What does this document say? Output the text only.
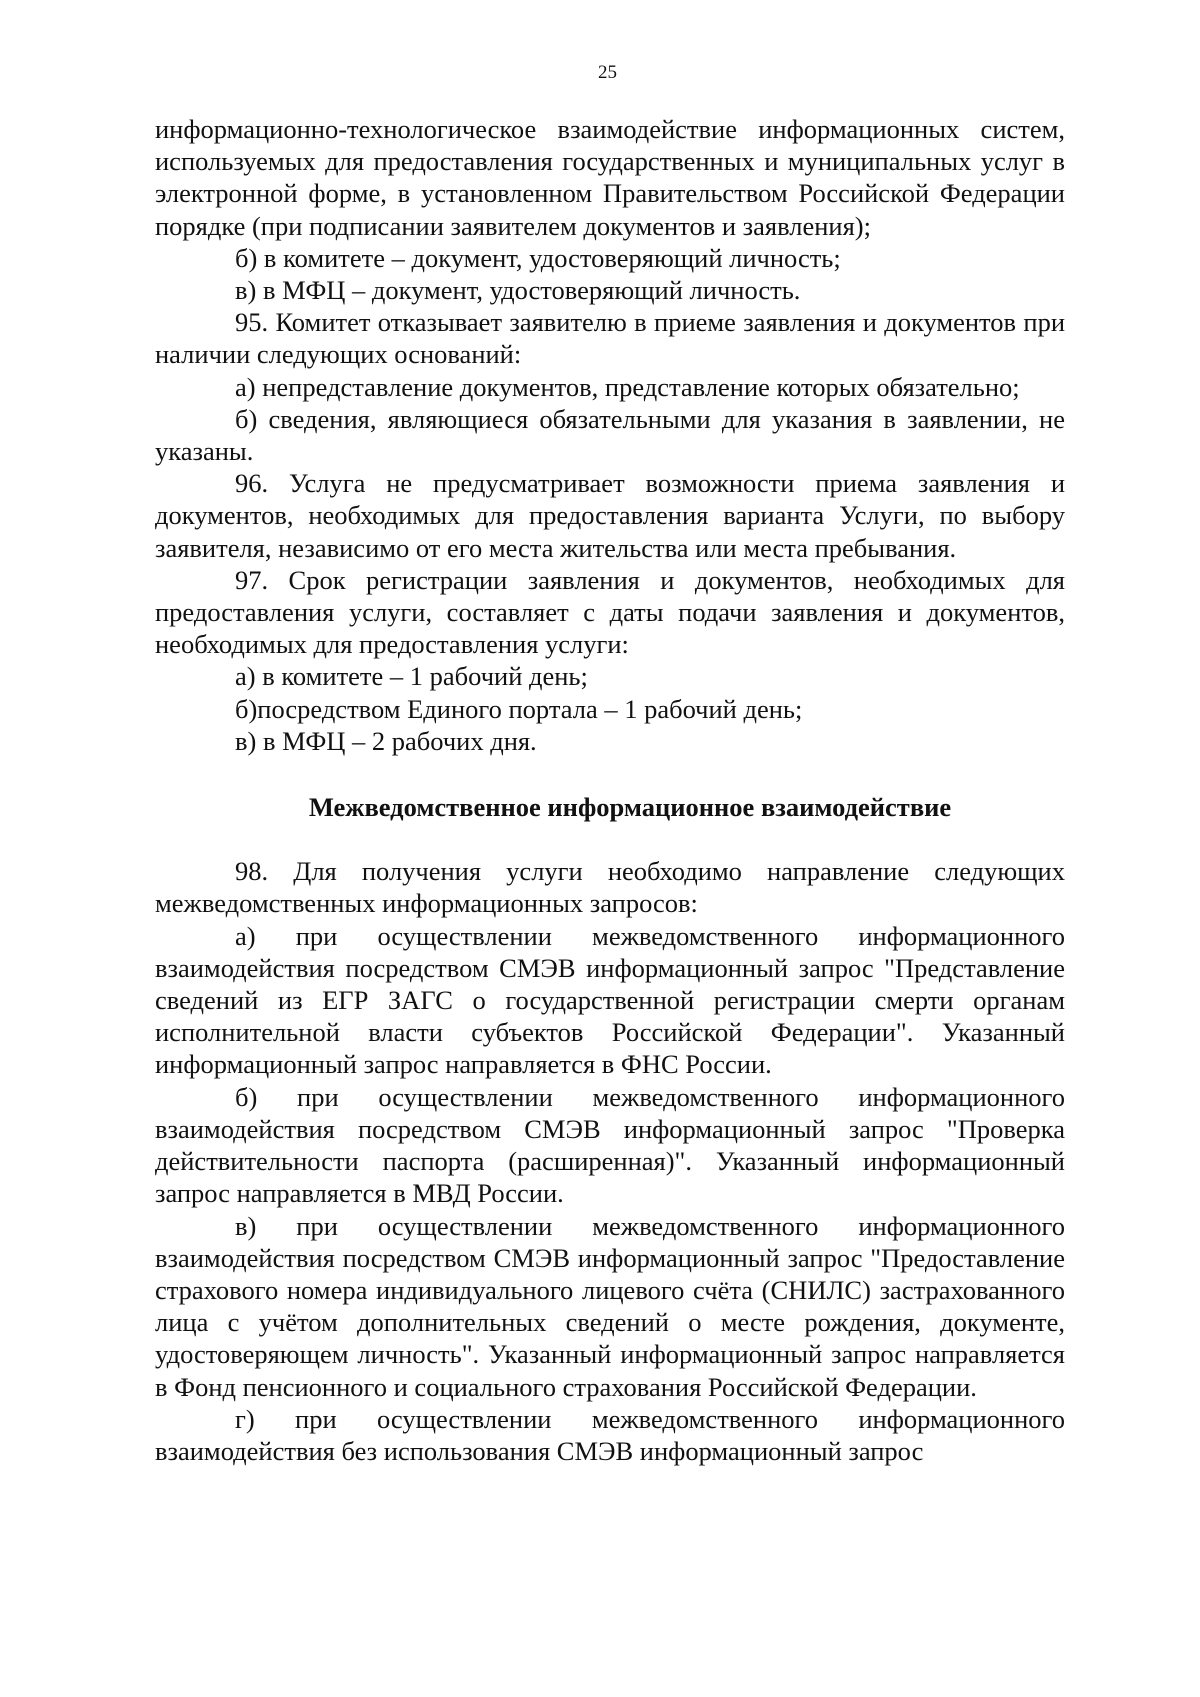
25

информационно-технологическое взаимодействие информационных систем, используемых для предоставления государственных и муниципальных услуг в электронной форме, в установленном Правительством Российской Федерации порядке (при подписании заявителем документов и заявления);

б) в комитете – документ, удостоверяющий личность;

в) в МФЦ – документ, удостоверяющий личность.

95. Комитет отказывает заявителю в приеме заявления и документов при наличии следующих оснований:

а) непредставление документов, представление которых обязательно;

б) сведения, являющиеся обязательными для указания в заявлении, не указаны.

96. Услуга не предусматривает возможности приема заявления и документов, необходимых для предоставления варианта Услуги, по выбору заявителя, независимо от его места жительства или места пребывания.

97. Срок регистрации заявления и документов, необходимых для предоставления услуги, составляет с даты подачи заявления и документов, необходимых для предоставления услуги:

а) в комитете – 1 рабочий день;

б)посредством Единого портала – 1 рабочий день;

в) в МФЦ – 2 рабочих дня.

Межведомственное информационное взаимодействие

98. Для получения услуги необходимо направление следующих межведомственных информационных запросов:

а) при осуществлении межведомственного информационного взаимодействия посредством СМЭВ информационный запрос "Представление сведений из ЕГР ЗАГС о государственной регистрации смерти органам исполнительной власти субъектов Российской Федерации". Указанный информационный запрос направляется в ФНС России.

б) при осуществлении межведомственного информационного взаимодействия посредством СМЭВ информационный запрос "Проверка действительности паспорта (расширенная)". Указанный информационный запрос направляется в МВД России.

в) при осуществлении межведомственного информационного взаимодействия посредством СМЭВ информационный запрос "Предоставление страхового номера индивидуального лицевого счёта (СНИЛС) застрахованного лица с учётом дополнительных сведений о месте рождения, документе, удостоверяющем личность". Указанный информационный запрос направляется в Фонд пенсионного и социального страхования Российской Федерации.

г) при осуществлении межведомственного информационного взаимодействия без использования СМЭВ информационный запрос
